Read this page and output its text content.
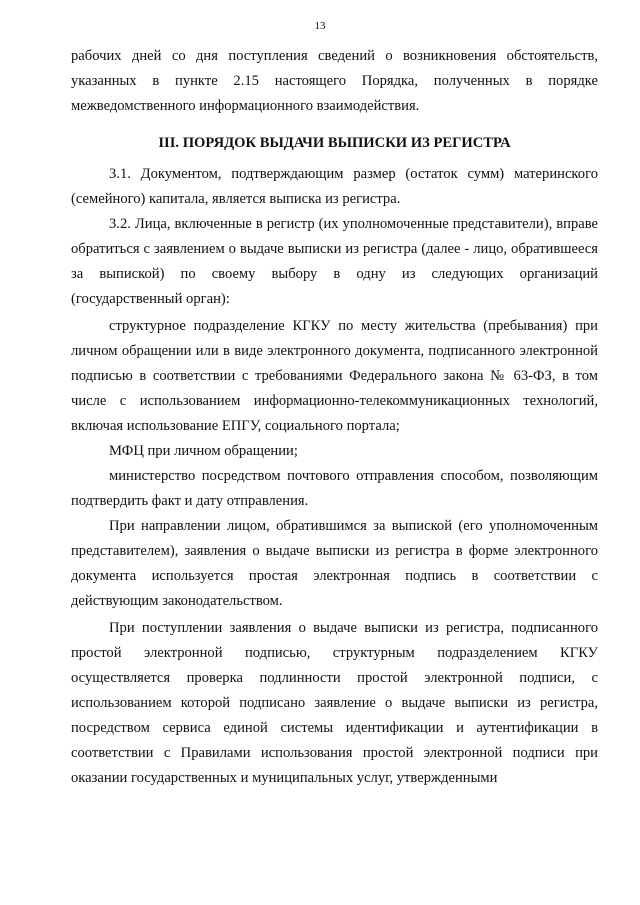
13

рабочих дней со дня поступления сведений о возникновения обстоятельств, указанных в пункте 2.15 настоящего Порядка, полученных в порядке межведомственного информационного взаимодействия.

III. ПОРЯДОК ВЫДАЧИ ВЫПИСКИ ИЗ РЕГИСТРА

3.1. Документом, подтверждающим размер (остаток сумм) материнского (семейного) капитала, является выписка из регистра.

3.2. Лица, включенные в регистр (их уполномоченные представители), вправе обратиться с заявлением о выдаче выписки из регистра (далее - лицо, обратившееся за выпиской) по своему выбору в одну из следующих организаций (государственный орган):

структурное подразделение КГКУ по месту жительства (пребывания) при личном обращении или в виде электронного документа, подписанного электронной подписью в соответствии с требованиями Федерального закона № 63-ФЗ, в том числе с использованием информационно-телекоммуникационных технологий, включая использование ЕПГУ, социального портала;

МФЦ при личном обращении;

министерство посредством почтового отправления способом, позволяющим подтвердить факт и дату отправления.

При направлении лицом, обратившимся за выпиской (его уполномоченным представителем), заявления о выдаче выписки из регистра в форме электронного документа используется простая электронная подпись в соответствии с действующим законодательством.

При поступлении заявления о выдаче выписки из регистра, подписанного простой электронной подписью, структурным подразделением КГКУ осуществляется проверка подлинности простой электронной подписи, с использованием которой подписано заявление о выдаче выписки из регистра, посредством сервиса единой системы идентификации и аутентификации в соответствии с Правилами использования простой электронной подписи при оказании государственных и муниципальных услуг, утвержденными
